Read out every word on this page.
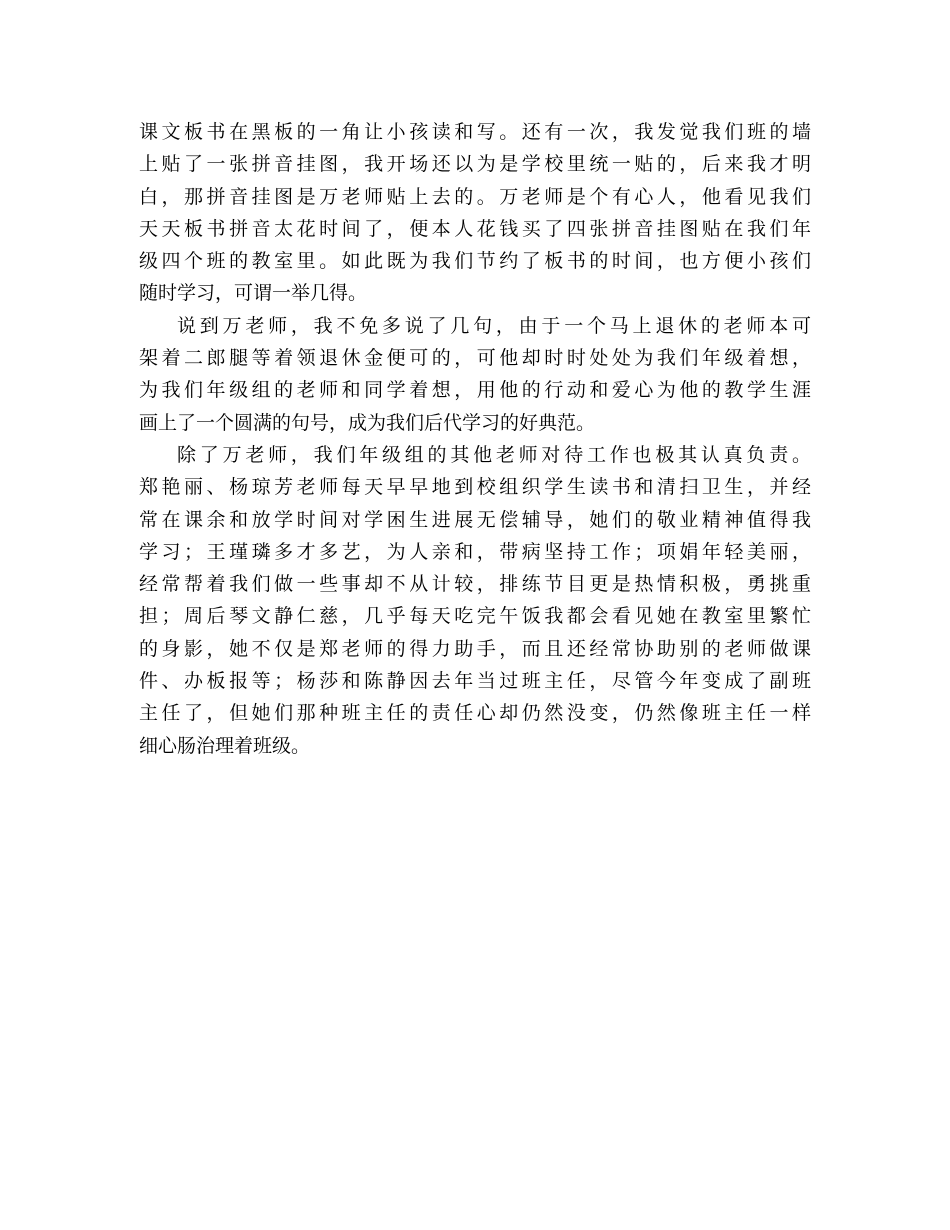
课文板书在黑板的一角让小孩读和写。还有一次，我发觉我们班的墙
上贴了一张拼音挂图，我开场还以为是学校里统一贴的，后来我才明
白，那拼音挂图是万老师贴上去的。万老师是个有心人，他看见我们
天天板书拼音太花时间了，便本人花钱买了四张拼音挂图贴在我们年
级四个班的教室里。如此既为我们节约了板书的时间，也方便小孩们
随时学习，可谓一举几得。
说到万老师，我不免多说了几句，由于一个马上退休的老师本可
架着二郎腿等着领退休金便可的，可他却时时处处为我们年级着想，
为我们年级组的老师和同学着想，用他的行动和爱心为他的教学生涯
画上了一个圆满的句号，成为我们后代学习的好典范。
除了万老师，我们年级组的其他老师对待工作也极其认真负责。
郑艳丽、杨琼芳老师每天早早地到校组织学生读书和清扫卫生，并经
常在课余和放学时间对学困生进展无偿辅导，她们的敬业精神值得我
学习；王瑾璘多才多艺，为人亲和，带病坚持工作；项娟年轻美丽，
经常帮着我们做一些事却不从计较，排练节目更是热情积极，勇挑重
担；周后琴文静仁慈，几乎每天吃完午饭我都会看见她在教室里繁忙
的身影，她不仅是郑老师的得力助手，而且还经常协助别的老师做课
件、办板报等；杨莎和陈静因去年当过班主任，尽管今年变成了副班
主任了，但她们那种班主任的责任心却仍然没变，仍然像班主任一样
细心肠治理着班级。
